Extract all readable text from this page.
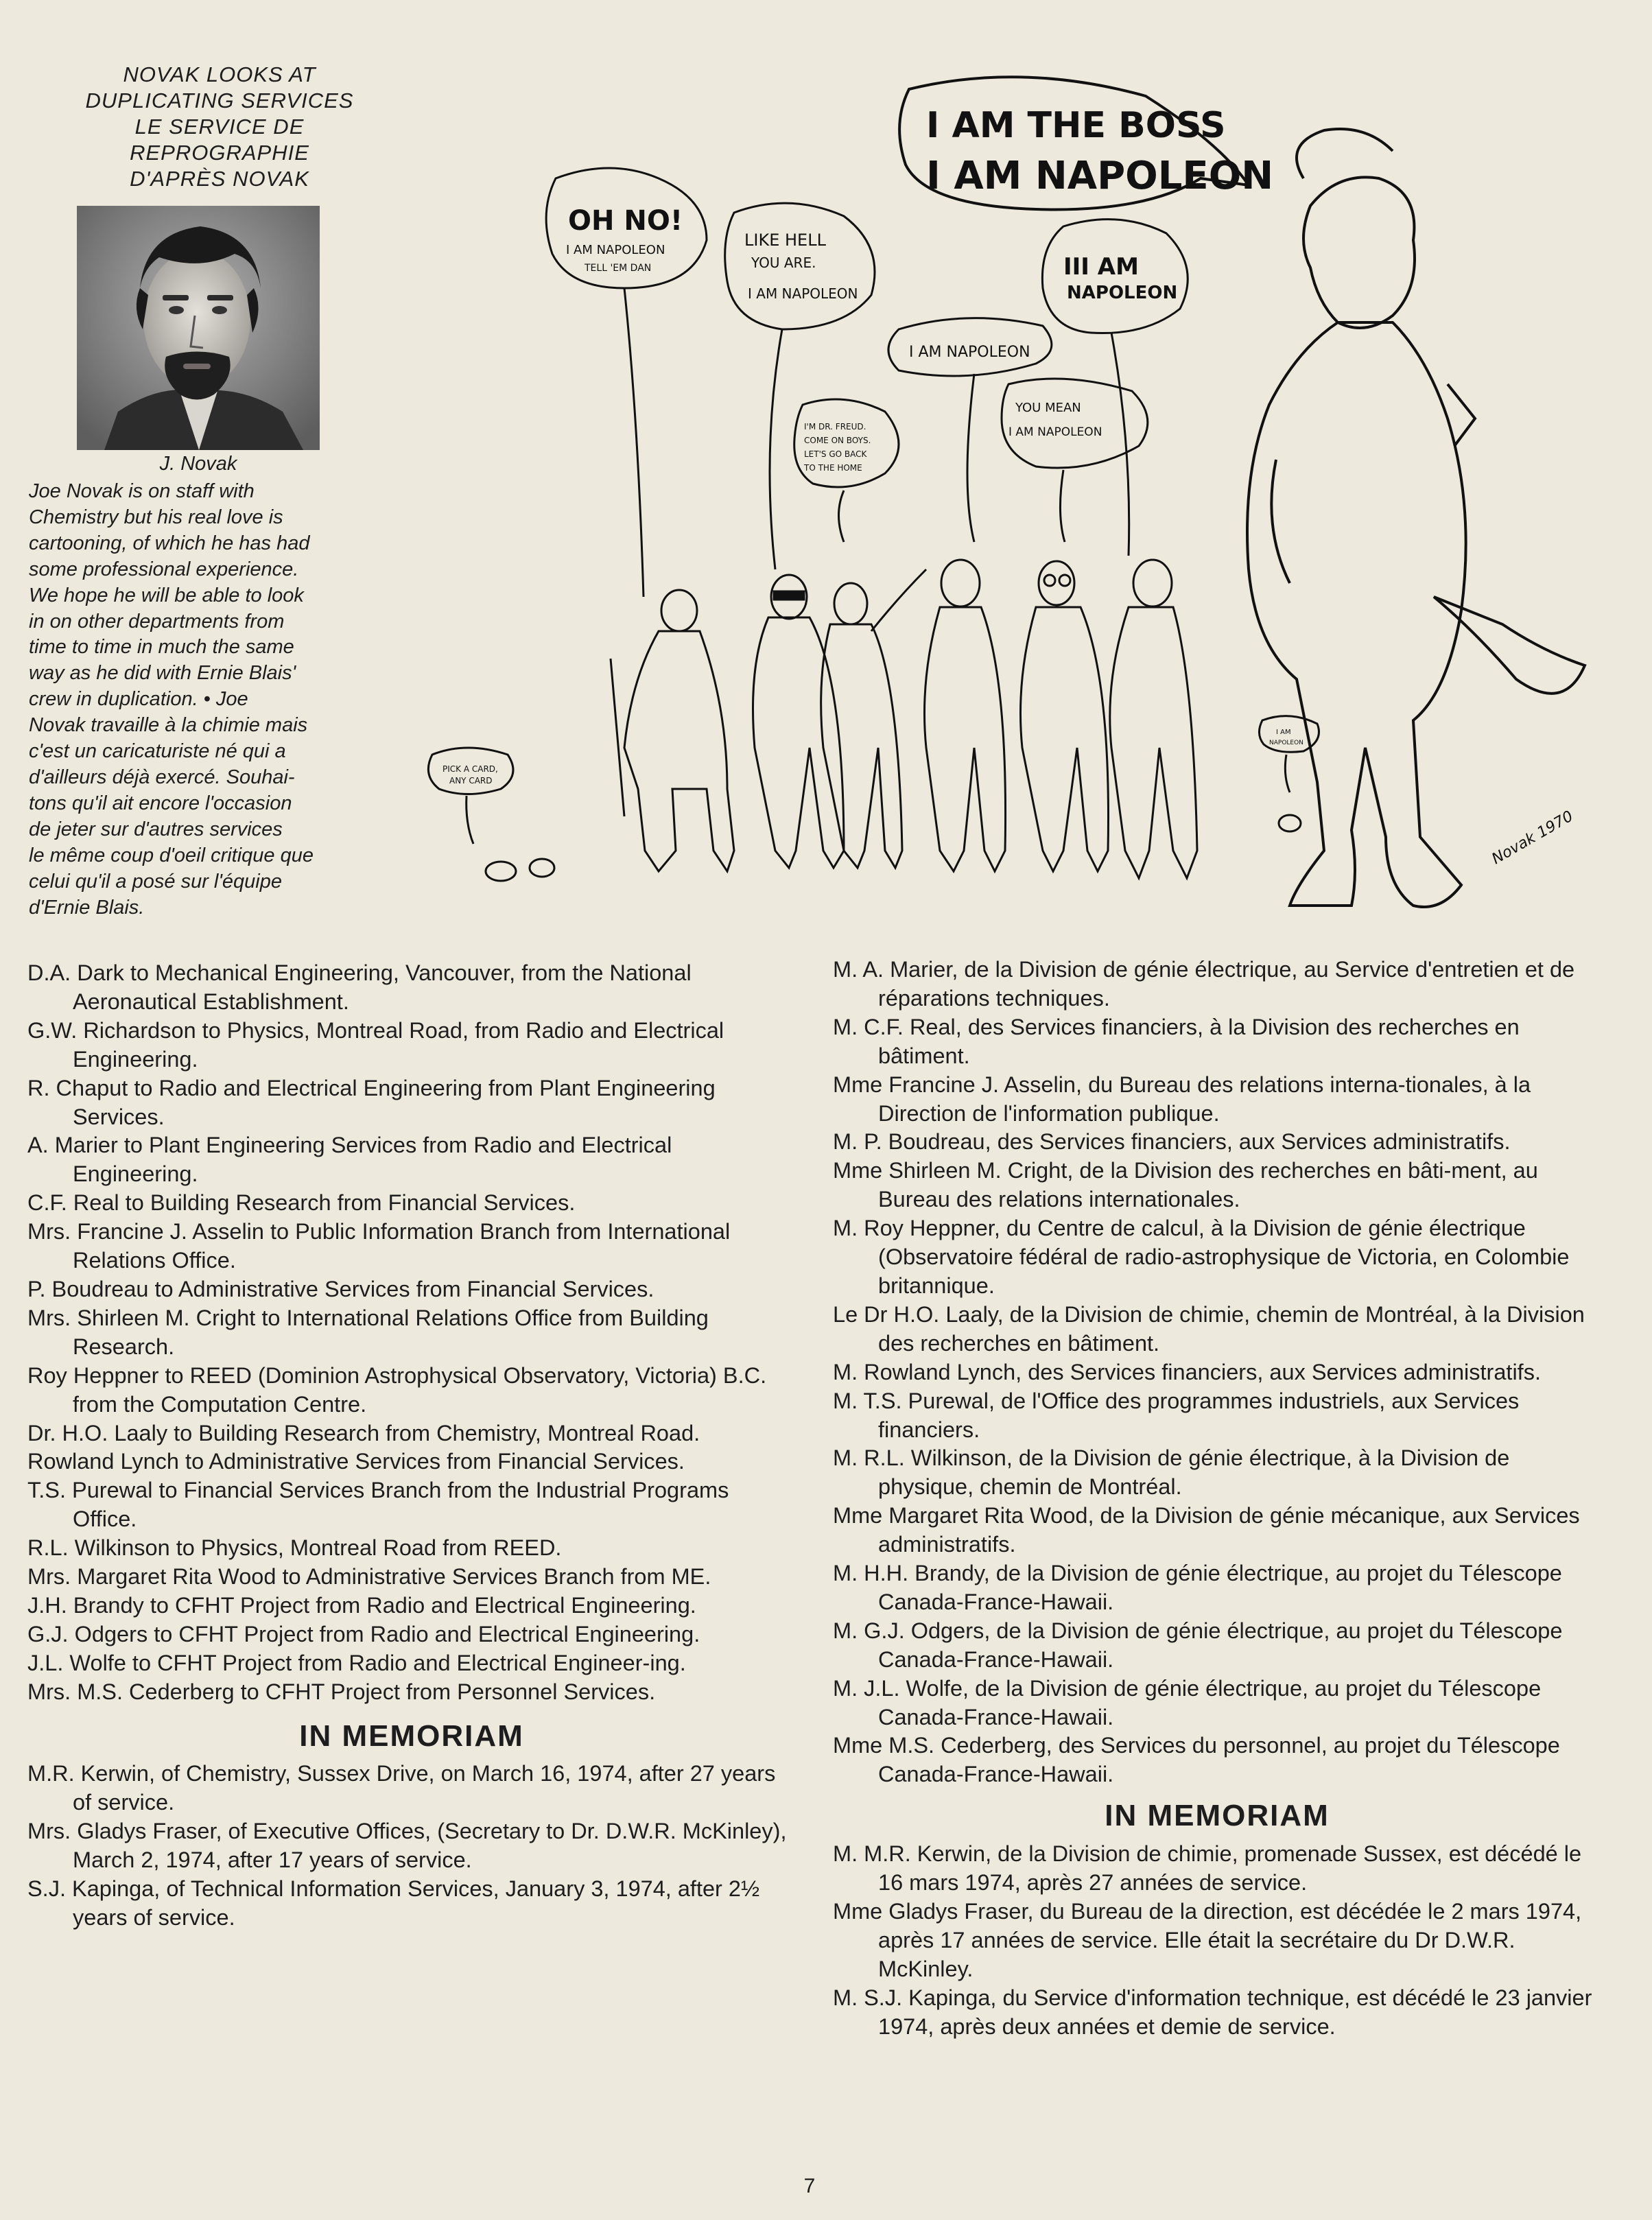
NOVAK LOOKS AT
DUPLICATING SERVICES
LE SERVICE DE
REPROGRAPHIE
D'APRÈS NOVAK
J. Novak
Joe Novak is on staff with
Chemistry but his real love is
cartooning, of which he has had
some professional experience.
We hope he will be able to look
in on other departments from
time to time in much the same
way as he did with Ernie Blais'
crew in duplication. • Joe
Novak travaille à la chimie mais
c'est un caricaturiste né qui a
d'ailleurs déjà exercé. Souhai-
tons qu'il ait encore l'occasion
de jeter sur d'autres services
le même coup d'oeil critique que
celui qu'il a posé sur l'équipe
d'Ernie Blais.
I AM THE BOSS
I AM NAPOLEON
OH NO!
I AM NAPOLEON
TELL 'EM DAN
LIKE HELL
YOU ARE.
I AM NAPOLEON
III AM
NAPOLEON
I AM NAPOLEON
YOU MEAN
I AM NAPOLEON
I'M DR. FREUD.
COME ON BOYS.
LET'S GO BACK
TO THE HOME
PICK A CARD,
ANY CARD
I AM
NAPOLEON
Novak 1970
D.A. Dark to Mechanical Engineering, Vancouver, from the National Aeronautical Establishment.
G.W. Richardson to Physics, Montreal Road, from Radio and Electrical Engineering.
R. Chaput to Radio and Electrical Engineering from Plant Engineering Services.
A. Marier to Plant Engineering Services from Radio and Electrical Engineering.
C.F. Real to Building Research from Financial Services.
Mrs. Francine J. Asselin to Public Information Branch from International Relations Office.
P. Boudreau to Administrative Services from Financial Services.
Mrs. Shirleen M. Cright to International Relations Office from Building Research.
Roy Heppner to REED (Dominion Astrophysical Observatory, Victoria) B.C. from the Computation Centre.
Dr. H.O. Laaly to Building Research from Chemistry, Montreal Road.
Rowland Lynch to Administrative Services from Financial Services.
T.S. Purewal to Financial Services Branch from the Industrial Programs Office.
R.L. Wilkinson to Physics, Montreal Road from REED.
Mrs. Margaret Rita Wood to Administrative Services Branch from ME.
J.H. Brandy to CFHT Project from Radio and Electrical Engineering.
G.J. Odgers to CFHT Project from Radio and Electrical Engineering.
J.L. Wolfe to CFHT Project from Radio and Electrical Engineer-ing.
Mrs. M.S. Cederberg to CFHT Project from Personnel Services.
IN MEMORIAM
M.R. Kerwin, of Chemistry, Sussex Drive, on March 16, 1974, after 27 years of service.
Mrs. Gladys Fraser, of Executive Offices, (Secretary to Dr. D.W.R. McKinley), March 2, 1974, after 17 years of service.
S.J. Kapinga, of Technical Information Services, January 3, 1974, after 2½ years of service.
M. A. Marier, de la Division de génie électrique, au Service d'entretien et de réparations techniques.
M. C.F. Real, des Services financiers, à la Division des recherches en bâtiment.
Mme Francine J. Asselin, du Bureau des relations interna-tionales, à la Direction de l'information publique.
M. P. Boudreau, des Services financiers, aux Services administratifs.
Mme Shirleen M. Cright, de la Division des recherches en bâti-ment, au Bureau des relations internationales.
M. Roy Heppner, du Centre de calcul, à la Division de génie électrique (Observatoire fédéral de radio-astrophysique de Victoria, en Colombie britannique.
Le Dr H.O. Laaly, de la Division de chimie, chemin de Montréal, à la Division des recherches en bâtiment.
M. Rowland Lynch, des Services financiers, aux Services administratifs.
M. T.S. Purewal, de l'Office des programmes industriels, aux Services financiers.
M. R.L. Wilkinson, de la Division de génie électrique, à la Division de physique, chemin de Montréal.
Mme Margaret Rita Wood, de la Division de génie mécanique, aux Services administratifs.
M. H.H. Brandy, de la Division de génie électrique, au projet du Télescope Canada-France-Hawaii.
M. G.J. Odgers, de la Division de génie électrique, au projet du Télescope Canada-France-Hawaii.
M. J.L. Wolfe, de la Division de génie électrique, au projet du Télescope Canada-France-Hawaii.
Mme M.S. Cederberg, des Services du personnel, au projet du Télescope Canada-France-Hawaii.
IN MEMORIAM
M. M.R. Kerwin, de la Division de chimie, promenade Sussex, est décédé le 16 mars 1974, après 27 années de service.
Mme Gladys Fraser, du Bureau de la direction, est décédée le 2 mars 1974, après 17 années de service. Elle était la secrétaire du Dr D.W.R. McKinley.
M. S.J. Kapinga, du Service d'information technique, est décédé le 23 janvier 1974, après deux années et demie de service.
7
